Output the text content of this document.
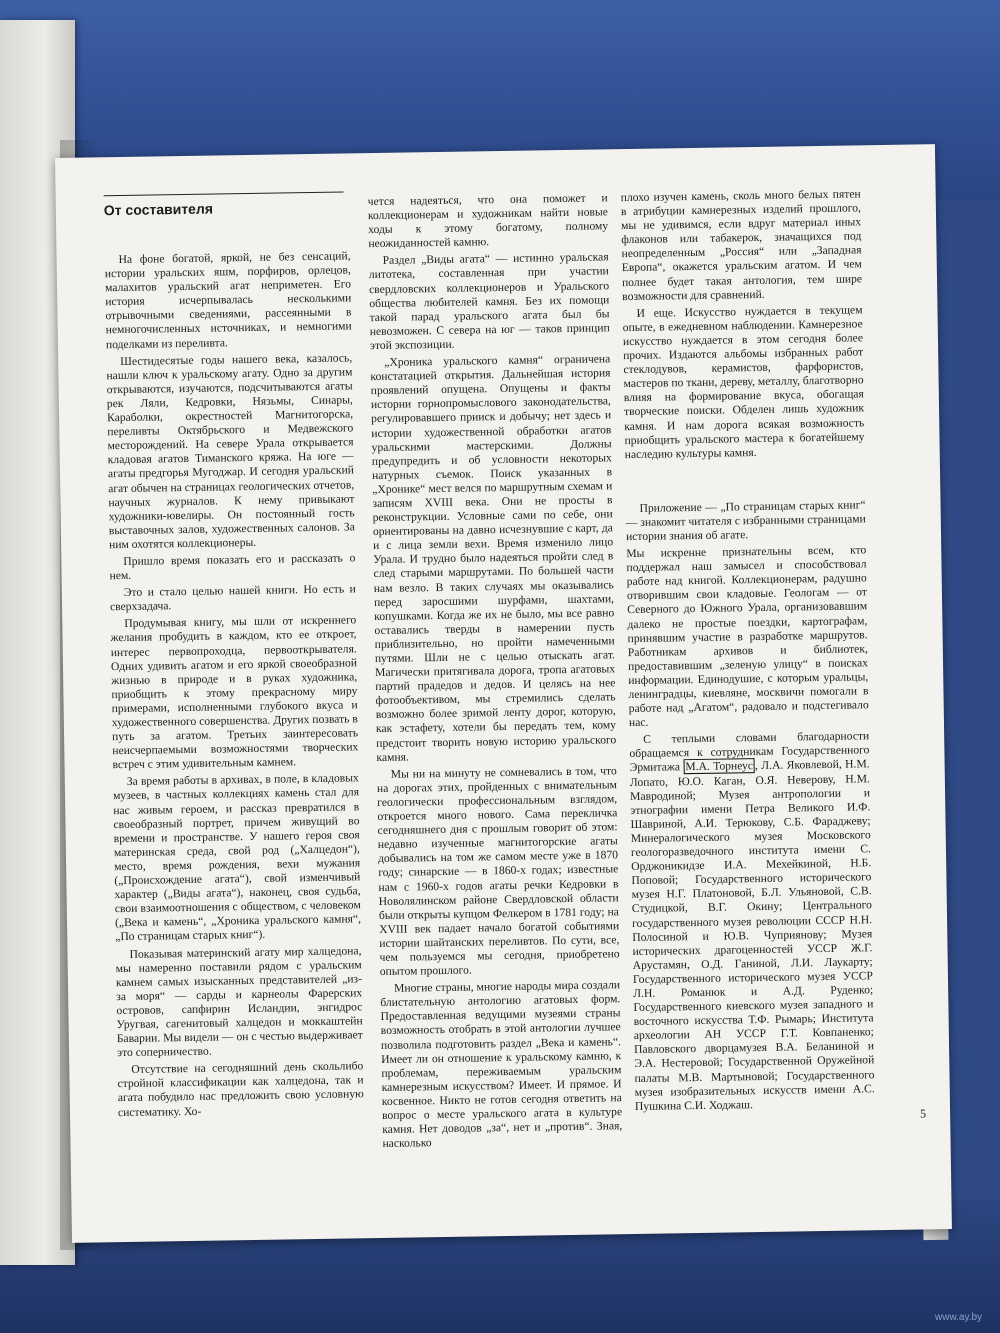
От составителя

На фоне богатой, яркой, не без сенсаций, истории уральских яшм, порфиров, орлецов, малахитов уральский агат неприметен. Его история исчерпывалась несколькими отрывочными сведениями, рассеянными в немногочисленных источниках, и немногими поделками из переливта.

Шестидесятые годы нашего века, казалось, нашли ключ к уральскому агату. Одно за другим открываются, изучаются, подсчитываются агаты рек Ляли, Кедровки, Нязьмы, Синары, Караболки, окрестностей Магнитогорска, переливты Октябрьского и Медвежского месторождений. На севере Урала открывается кладовая агатов Тиманского кряжа. На юге — агаты предгорья Мугоджар. И сегодня уральский агат обычен на страницах геологических отчетов, научных журналов. К нему привыкают художники-ювелиры. Он постоянный гость выставочных залов, художественных салонов. За ним охотятся коллекционеры.

Пришло время показать его и рассказать о нем.

Это и стало целью нашей книги. Но есть и сверхзадача.

Продумывая книгу, мы шли от искреннего желания пробудить в каждом, кто ее откроет, интерес первопроходца, первооткрывателя. Одних удивить агатом и его яркой своеобразной жизнью в природе и в руках художника, приобщить к этому прекрасному миру примерами, исполненными глубокого вкуса и художественного совершенства. Других позвать в путь за агатом. Третьих заинтересовать неисчерпаемыми возможностями творческих встреч с этим удивительным камнем.

За время работы в архивах, в поле, в кладовых музеев, в частных коллекциях камень стал для нас живым героем, и рассказ превратился в своеобразный портрет, причем живущий во времени и пространстве. У нашего героя своя материнская среда, свой род („Халцедон“), место, время рождения, вехи мужания („Происхождение агата“), свой изменчивый характер („Виды агата“), наконец, своя судьба, свои взаимоотношения с обществом, с человеком („Века и камень“, „Хроника уральского камня“, „По страницам старых книг“).

Показывая материнский агату мир халцедона, мы намеренно поставили рядом с уральским камнем самых изысканных представителей „из-за моря“ — сарды и карнеолы Фарерских островов, сапфирин Исландии, энгидрос Уругвая, сагенитовый халцедон и моккаштейн Баварии. Мы видели — он с честью выдерживает это соперничество.

Отсутствие на сегодняшний день скольлибо стройной классификации как халцедона, так и агата побудило нас предложить свою условную систематику. Хо-

чется надеяться, что она поможет и коллекционерам и художникам найти новые ходы к этому богатому, полному неожиданностей камню.

Раздел „Виды агата“ — истинно уральская литотека, составленная при участии свердловских коллекционеров и Уральского общества любителей камня. Без их помощи такой парад уральского агата был бы невозможен. С севера на юг — таков принцип этой экспозиции.

„Хроника уральского камня“ ограничена констатацией открытия. Дальнейшая история проявлений опущена. Опущены и факты истории горнопромыслового законодательства, регулировавшего прииск и добычу; нет здесь и истории художественной обработки агатов уральскими мастерскими. Должны предупредить и об условности некоторых натурных съемок. Поиск указанных в „Хронике“ мест велся по маршрутным схемам и записям XVIII века. Они не просты в реконструкции. Условные сами по себе, они ориентированы на давно исчезнувшие с карт, да и с лица земли вехи. Время изменило лицо Урала. И трудно было надеяться пройти след в след старыми маршрутами. По большей части нам везло. В таких случаях мы оказывались перед заросшими шурфами, шахтами, копушками. Когда же их не было, мы все равно оставались тверды в намерении пусть приблизительно, но пройти намеченными путями. Шли не с целью отыскать агат. Магически притягивала дорога, тропа агатовых партий прадедов и дедов. И целясь на нее фотообъективом, мы стремились сделать возможно более зримой ленту дорог, которую, как эстафету, хотели бы передать тем, кому предстоит творить новую историю уральского камня.

Мы ни на минуту не сомневались в том, что на дорогах этих, пройденных с внимательным геологически профессиональным взглядом, откроется много нового. Сама перекличка сегодняшнего дня с прошлым говорит об этом: недавно изученные магнитогорские агаты добывались на том же самом месте уже в 1870 году; синарские — в 1860-х годах; известные нам с 1960-х годов агаты речки Кедровки в Новолялинском районе Свердловской области были открыты купцом Фелкером в 1781 году; на XVIII век падает начало богатой событиями истории шайтанских переливтов. По сути, все, чем пользуемся мы сегодня, приобретено опытом прошлого.

Многие страны, многие народы мира создали блистательную антологию агатовых форм. Предоставленная ведущими музеями страны возможность отобрать в этой антологии лучшее позволила подготовить раздел „Века и камень“. Имеет ли он отношение к уральскому камню, к проблемам, переживаемым уральским камнерезным искусством? Имеет. И прямое. И косвенное. Никто не готов сегодня ответить на вопрос о месте уральского агата в культуре камня. Нет доводов „за“, нет и „против“. Зная, насколько

плохо изучен камень, сколь много белых пятен в атрибуции камнерезных изделий прошлого, мы не удивимся, если вдруг материал иных флаконов или табакерок, значащихся под неопределенным „Россия“ или „Западная Европа“, окажется уральским агатом. И чем полнее будет такая антология, тем шире возможности для сравнений.

И еще. Искусство нуждается в текущем опыте, в ежедневном наблюдении. Камнерезное искусство нуждается в этом сегодня более прочих. Издаются альбомы избранных работ стеклодувов, керамистов, фарфористов, мастеров по ткани, дереву, металлу, благотворно влияя на формирование вкуса, обогащая творческие поиски. Обделен лишь художник камня. И нам дорога всякая возможность приобщить уральского мастера к богатейшему наследию культуры камня.

Приложение — „По страницам старых книг“ — знакомит читателя с избранными страницами истории знания об агате.

Мы искренне признательны всем, кто поддержал наш замысел и способствовал работе над книгой. Коллекционерам, радушно отворившим свои кладовые. Геологам — от Северного до Южного Урала, организовавшим далеко не простые поездки, картографам, принявшим участие в разработке маршрутов. Работникам архивов и библиотек, предоставившим „зеленую улицу“ в поисках информации. Единодушие, с которым уральцы, ленинградцы, киевляне, москвичи помогали в работе над „Агатом“, радовало и подстегивало нас.

С теплыми словами благодарности обращаемся к сотрудникам Государственного Эрмитажа М.А. Торнеус , Л.А. Яковлевой, Н.М. Лопато, Ю.О. Каган, О.Я. Неверову, Н.М. Мавродиной; Музея антропологии и этнографии имени Петра Великого И.Ф. Шавриной, А.И. Терюкову, С.Б. Фараджеву; Минералогического музея Московского геологоразведочного института имени С. Орджоникидзе И.А. Мехейкиной, Н.Б. Поповой; Государственного исторического музея Н.Г. Платоновой, Б.Л. Ульяновой, С.В. Студицкой, В.Г. Окину; Центрального государственного музея революции СССР Н.Н. Полосиной и Ю.В. Чуприянову; Музея исторических драгоценностей УССР Ж.Г. Арустамян, О.Д. Ганиной, Л.И. Лаукарту; Государственного исторического музея УССР Л.Н. Романюк и А.Д. Руденко; Государственного киевского музея западного и восточного искусства Т.Ф. Рымарь; Института археологии АН УССР Г.Т. Ковпаненко; Павловского дворцамузея В.А. Беланиной и Э.А. Нестеровой; Государственной Оружейной палаты М.В. Мартыновой; Государственного музея изобразительных искусств имени А.С. Пушкина С.И. Ходжаш.

5
www.ay.by
